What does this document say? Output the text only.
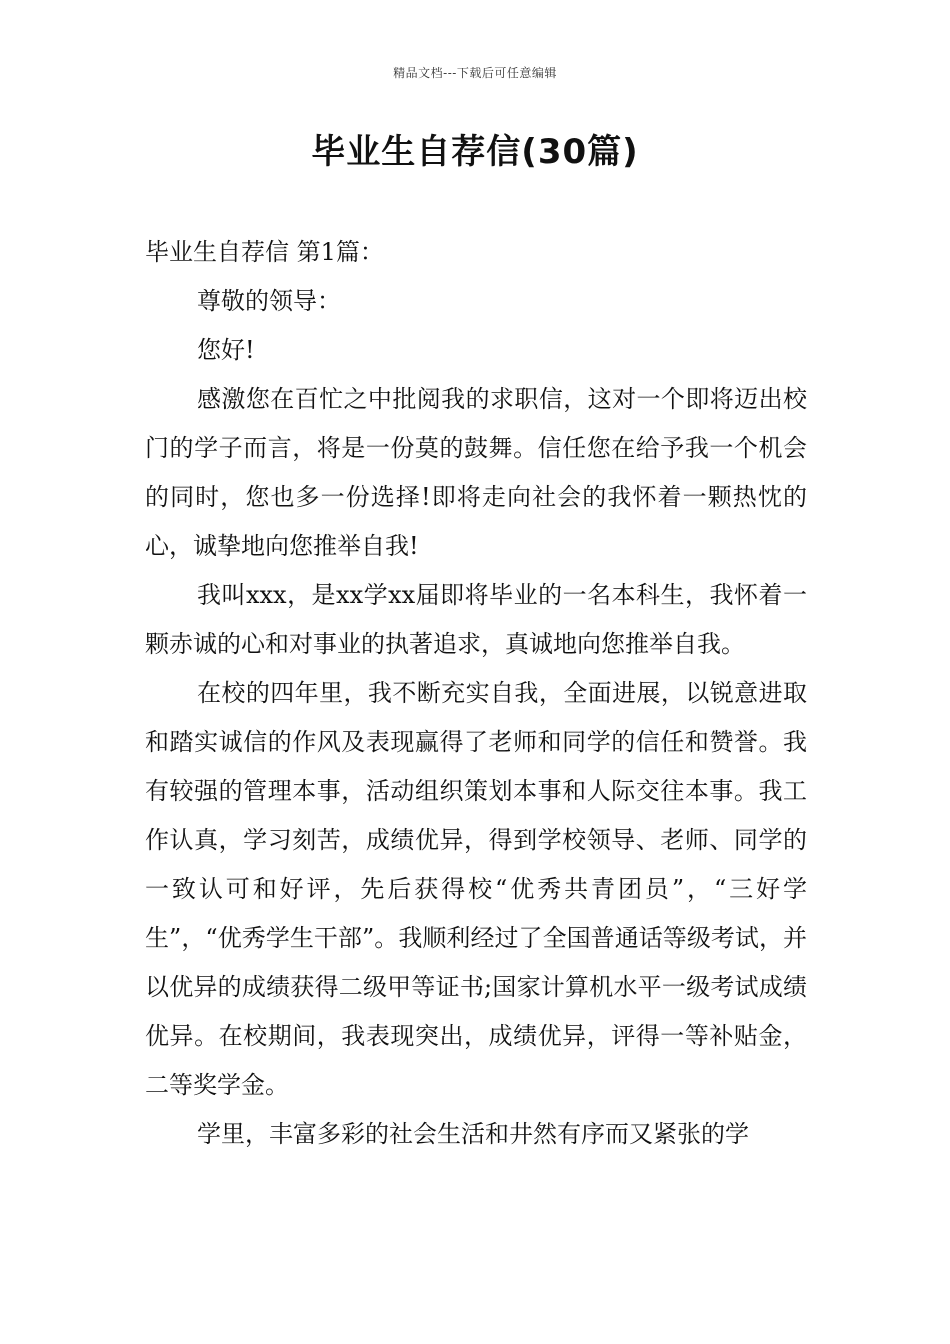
精品文档---下载后可任意编辑
毕业生自荐信(30篇)

毕业生自荐信 第1篇：

尊敬的领导：

您好!

感激您在百忙之中批阅我的求职信，这对一个即将迈出校门的学子而言，将是一份莫的鼓舞。信任您在给予我一个机会的同时，您也多一份选择!即将走向社会的我怀着一颗热忱的心，诚挚地向您推举自我!

我叫xxx，是xx学xx届即将毕业的一名本科生，我怀着一颗赤诚的心和对事业的执著追求，真诚地向您推举自我。

在校的四年里，我不断充实自我，全面进展，以锐意进取和踏实诚信的作风及表现赢得了老师和同学的信任和赞誉。我有较强的管理本事，活动组织策划本事和人际交往本事。我工作认真，学习刻苦，成绩优异，得到学校领导、老师、同学的一致认可和好评，先后获得校“优秀共青团员”，“三好学生”，“优秀学生干部”。我顺利经过了全国普通话等级考试，并以优异的成绩获得二级甲等证书;国家计算机水平一级考试成绩优异。在校期间，我表现突出，成绩优异，评得一等补贴金，二等奖学金。

学里，丰富多彩的社会生活和井然有序而又紧张的学
